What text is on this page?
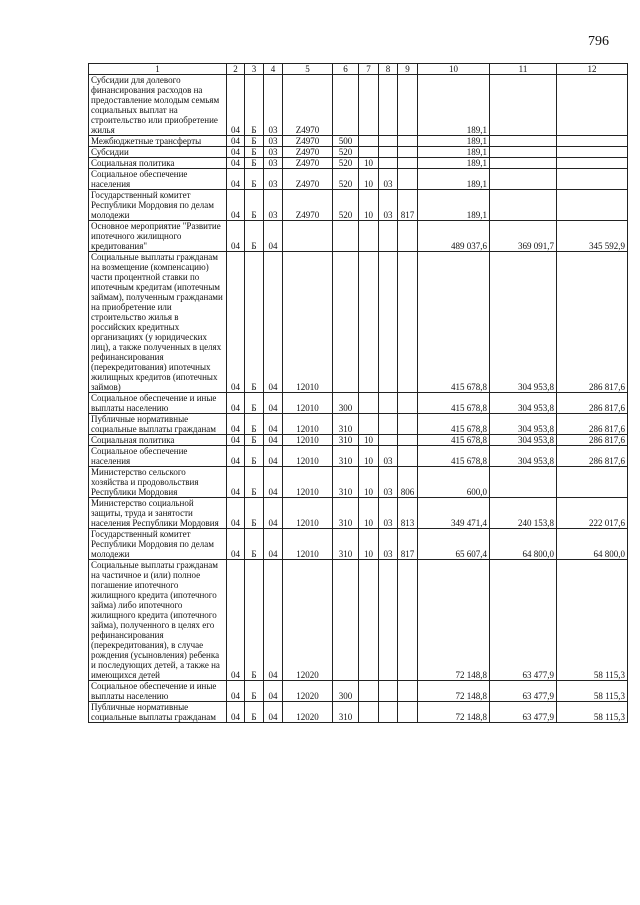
796
1	2	3	4	5	6	7	8	9	10	11	12
Субсидии для долевого финансирования расходов на предоставление молодым семьям социальных выплат на строительство или приобретение жилья	04	Б	03	Z4970					189,1		
Межбюджетные трансферты	04	Б	03	Z4970	500				189,1		
Субсидии	04	Б	03	Z4970	520				189,1		
Социальная политика	04	Б	03	Z4970	520	10			189,1		
Социальное обеспечение населения	04	Б	03	Z4970	520	10	03		189,1		
Государственный комитет Республики Мордовия по делам молодежи	04	Б	03	Z4970	520	10	03	817	189,1		
Основное мероприятие "Развитие ипотечного жилищного кредитования"	04	Б	04						489 037,6	369 091,7	345 592,9
Социальные выплаты гражданам на возмещение (компенсацию) части процентной ставки по ипотечным кредитам (ипотечным займам), полученным гражданами на приобретение или строительство жилья в российских кредитных организациях (у юридических лиц), а также полученных в целях рефинансирования (перекредитования) ипотечных жилищных кредитов (ипотечных займов)	04	Б	04	12010					415 678,8	304 953,8	286 817,6
Социальное обеспечение и иные выплаты населению	04	Б	04	12010	300				415 678,8	304 953,8	286 817,6
Публичные нормативные социальные выплаты гражданам	04	Б	04	12010	310				415 678,8	304 953,8	286 817,6
Социальная политика	04	Б	04	12010	310	10			415 678,8	304 953,8	286 817,6
Социальное обеспечение населения	04	Б	04	12010	310	10	03		415 678,8	304 953,8	286 817,6
Министерство сельского хозяйства и продовольствия Республики Мордовия	04	Б	04	12010	310	10	03	806	600,0		
Министерство социальной защиты, труда и занятости населения Республики Мордовия	04	Б	04	12010	310	10	03	813	349 471,4	240 153,8	222 017,6
Государственный комитет Республики Мордовия по делам молодежи	04	Б	04	12010	310	10	03	817	65 607,4	64 800,0	64 800,0
Социальные выплаты гражданам на частичное и (или) полное погашение ипотечного жилищного кредита (ипотечного займа) либо ипотечного жилищного кредита (ипотечного займа), полученного в целях его рефинансирования (перекредитования), в случае рождения (усыновления) ребенка и последующих детей, а также на имеющихся детей	04	Б	04	12020					72 148,8	63 477,9	58 115,3
Социальное обеспечение и иные выплаты населению	04	Б	04	12020	300				72 148,8	63 477,9	58 115,3
Публичные нормативные социальные выплаты гражданам	04	Б	04	12020	310				72 148,8	63 477,9	58 115,3
